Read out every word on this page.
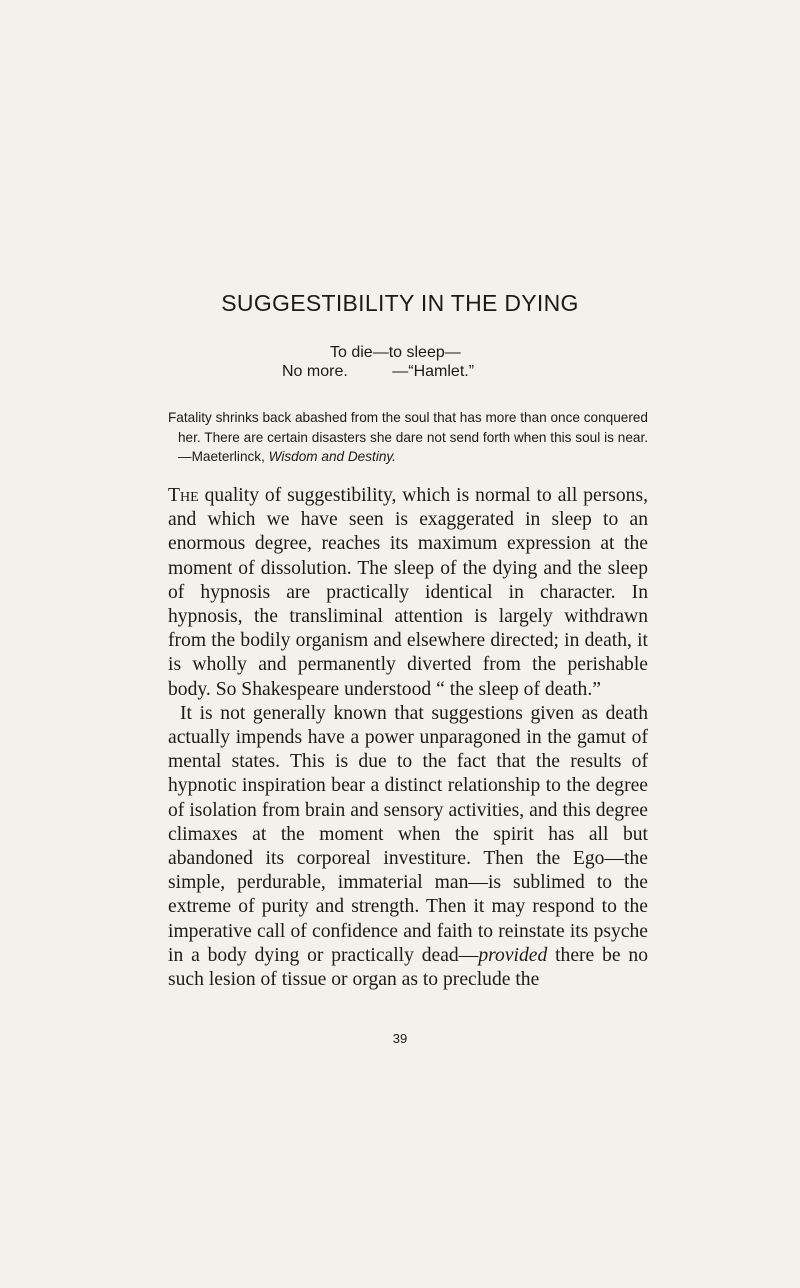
SUGGESTIBILITY IN THE DYING
To die—to sleep—
No more.	—“Hamlet.”
Fatality shrinks back abashed from the soul that has more than once conquered her. There are certain disasters she dare not send forth when this soul is near.—Maeterlinck, Wisdom and Destiny.

The quality of suggestibility, which is normal to all persons, and which we have seen is exaggerated in sleep to an enormous degree, reaches its maximum expression at the moment of dissolution. The sleep of the dying and the sleep of hypnosis are practically identical in character. In hypnosis, the transliminal attention is largely withdrawn from the bodily organism and elsewhere directed; in death, it is wholly and permanently diverted from the perishable body. So Shakespeare understood “ the sleep of death.”

It is not generally known that suggestions given as death actually impends have a power unparagoned in the gamut of mental states. This is due to the fact that the results of hypnotic inspiration bear a distinct relationship to the degree of isolation from brain and sensory activities, and this degree climaxes at the moment when the spirit has all but abandoned its corporeal investiture. Then the Ego—the simple, perdurable, immaterial man—is sublimed to the extreme of purity and strength. Then it may respond to the imperative call of confidence and faith to reinstate its psyche in a body dying or practically dead—provided there be no such lesion of tissue or organ as to preclude the

39
